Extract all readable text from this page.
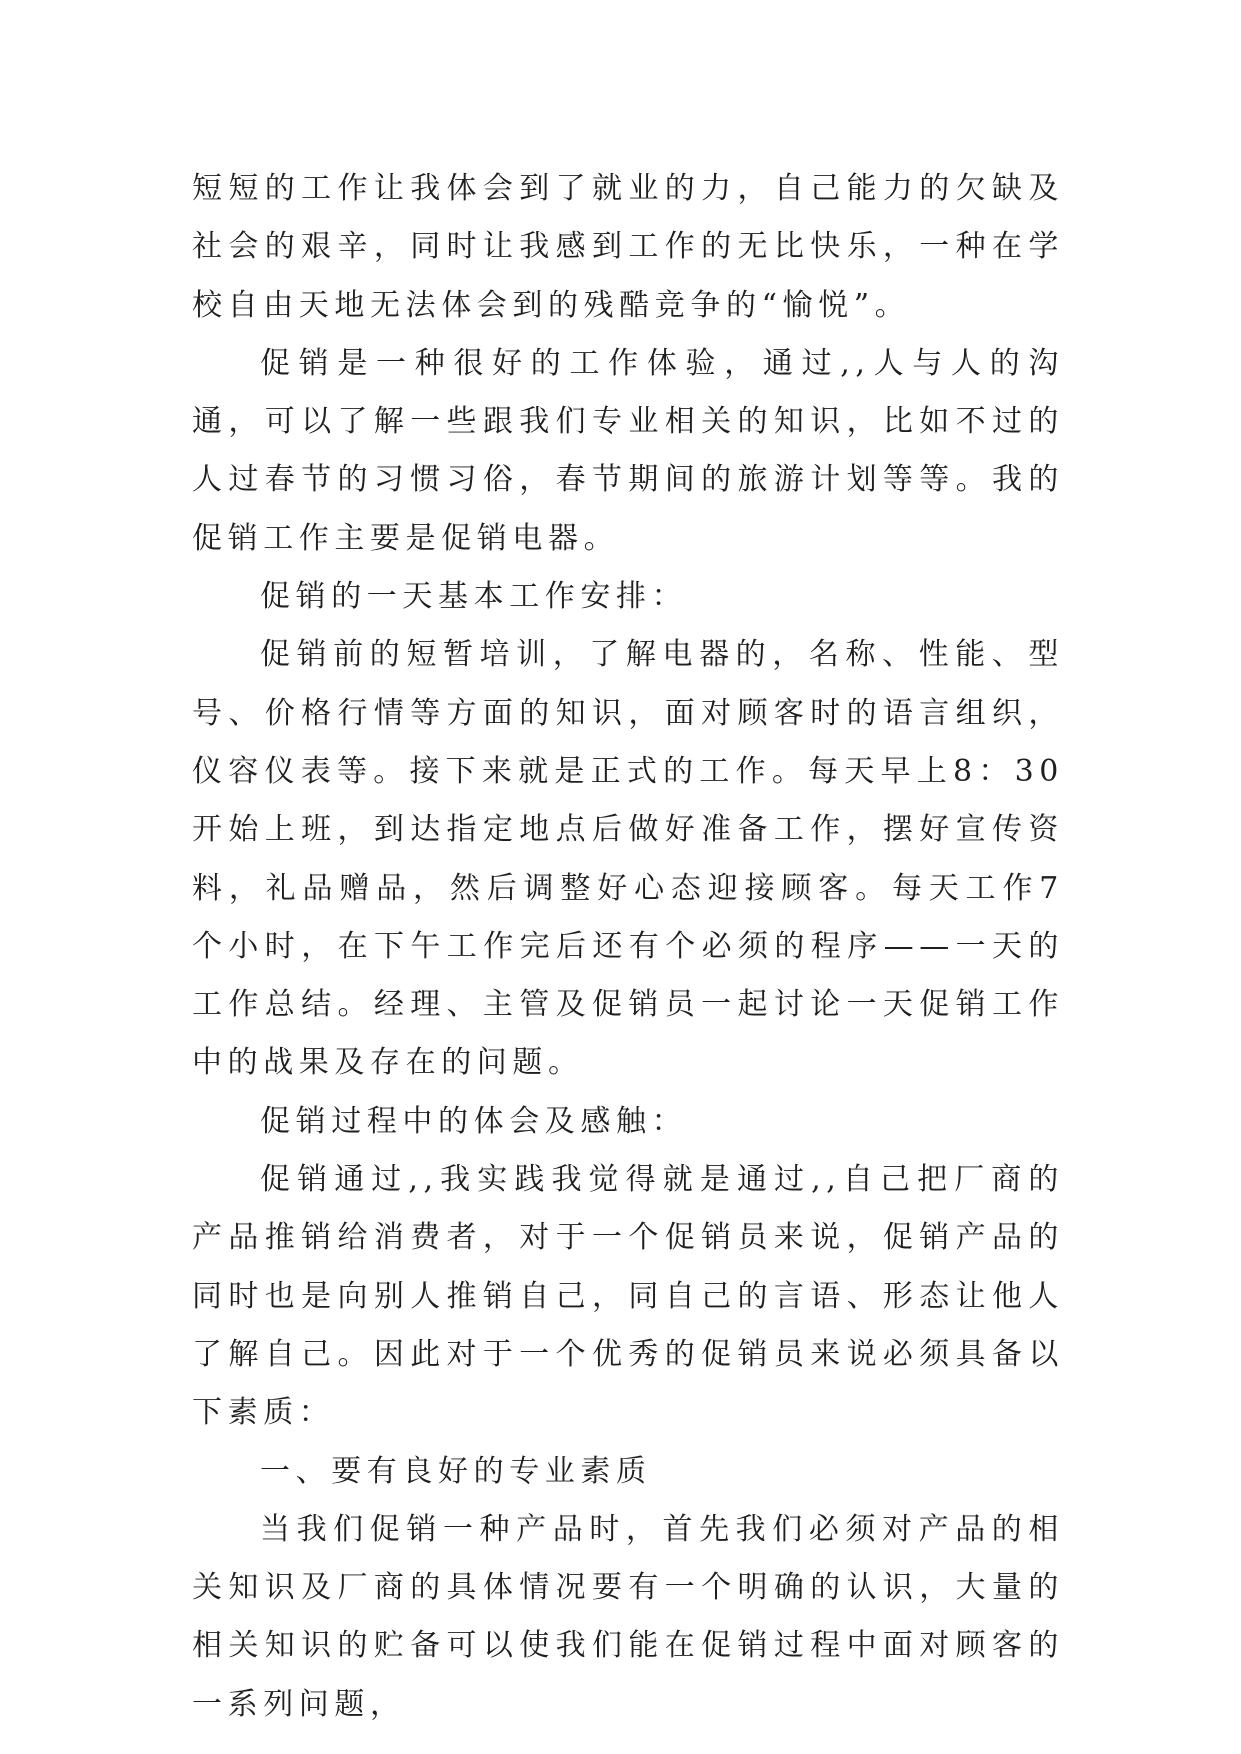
短短的工作让我体会到了就业的力，自己能力的欠缺及社会的艰辛，同时让我感到工作的无比快乐，一种在学校自由天地无法体会到的残酷竞争的“愉悦”。

促销是一种很好的工作体验，通过,,人与人的沟通，可以了解一些跟我们专业相关的知识，比如不过的人过春节的习惯习俗，春节期间的旅游计划等等。我的促销工作主要是促销电器。

促销的一天基本工作安排：

促销前的短暂培训，了解电器的，名称、性能、型号、价格行情等方面的知识，面对顾客时的语言组织，仪容仪表等。接下来就是正式的工作。每天早上8：30开始上班，到达指定地点后做好准备工作，摆好宣传资料，礼品赠品，然后调整好心态迎接顾客。每天工作7个小时，在下午工作完后还有个必须的程序——一天的工作总结。经理、主管及促销员一起讨论一天促销工作中的战果及存在的问题。

促销过程中的体会及感触：

促销通过,,我实践我觉得就是通过,,自己把厂商的产品推销给消费者，对于一个促销员来说，促销产品的同时也是向别人推销自己，同自己的言语、形态让他人了解自己。因此对于一个优秀的促销员来说必须具备以下素质：

一、要有良好的专业素质

当我们促销一种产品时，首先我们必须对产品的相关知识及厂商的具体情况要有一个明确的认识，大量的相关知识的贮备可以使我们能在促销过程中面对顾客的一系列问题，
